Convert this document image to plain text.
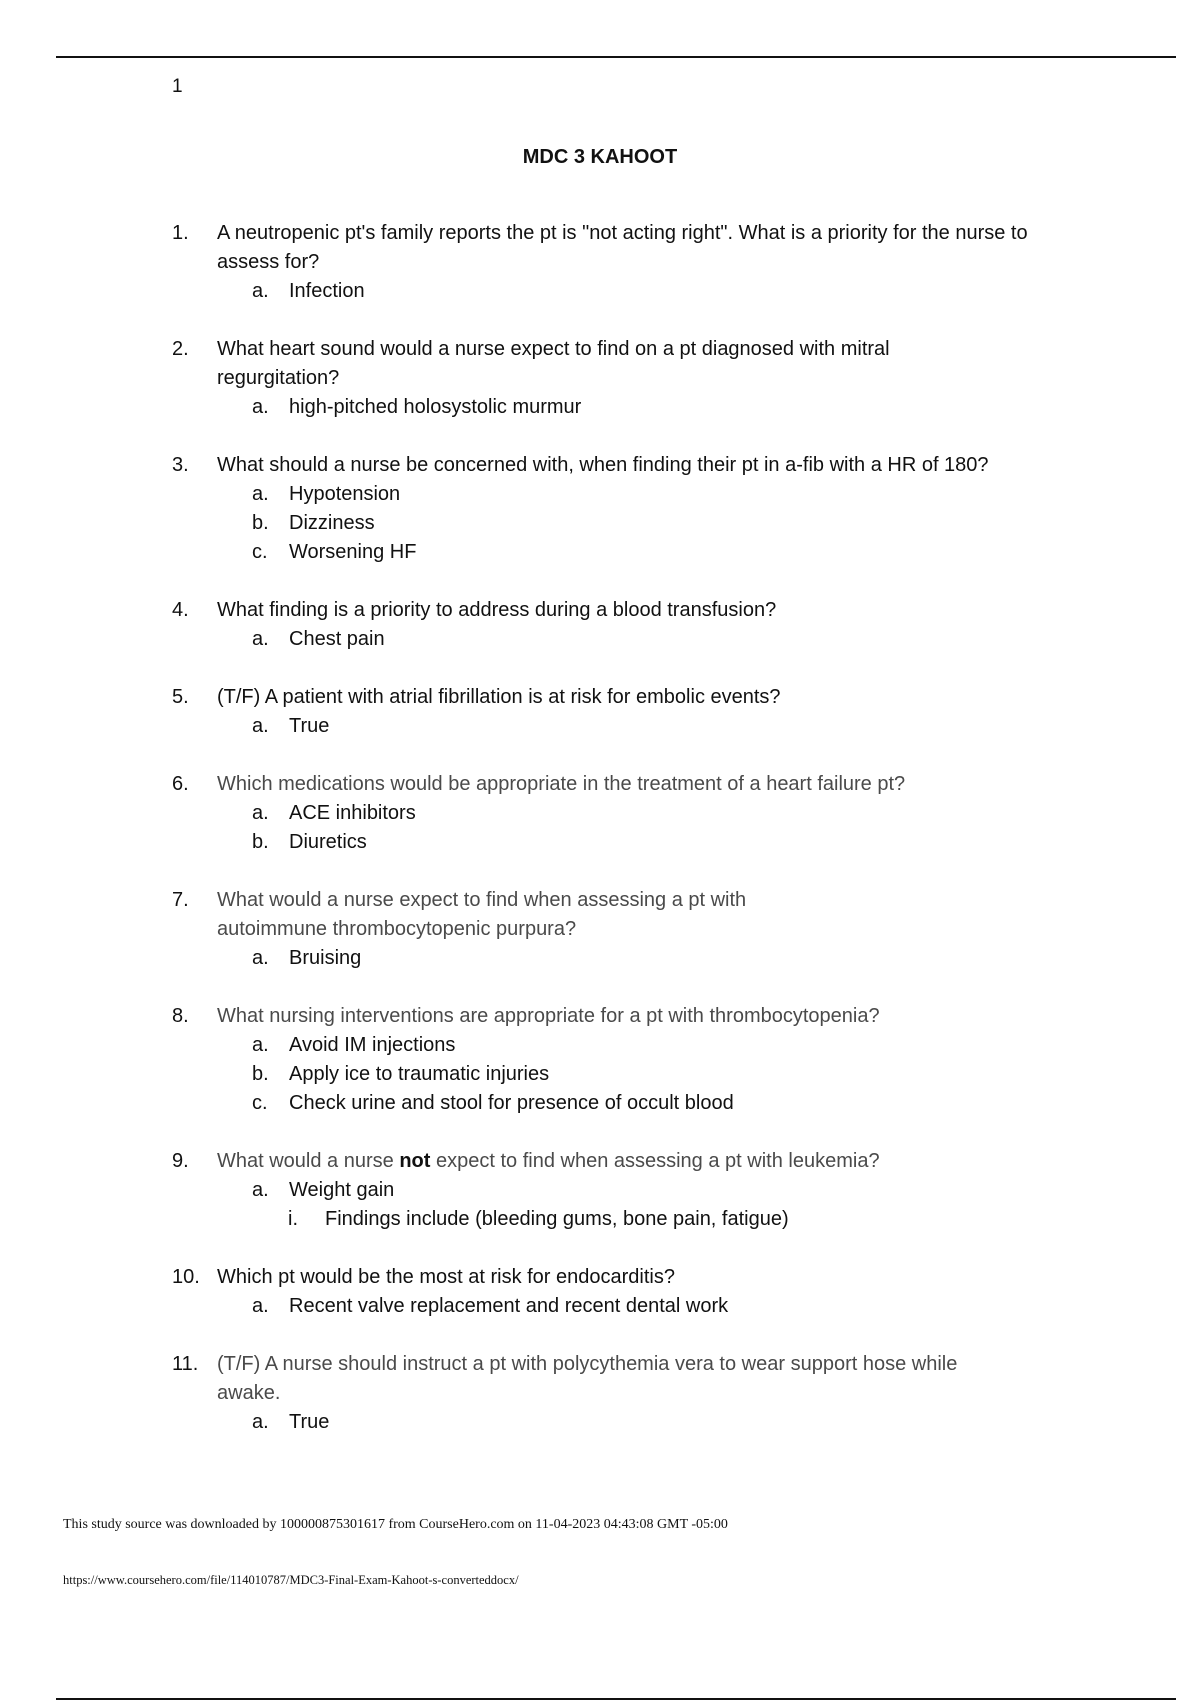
1
MDC 3 KAHOOT
1.	A neutropenic pt's family reports the pt is "not acting right". What is a priority for the nurse to assess for?
a.	Infection
2.	What heart sound would a nurse expect to find on a pt diagnosed with mitral regurgitation?
a.	high-pitched holosystolic murmur
3.	What should a nurse be concerned with, when finding their pt in a-fib with a HR of 180?
a.	Hypotension
b.	Dizziness
c.	Worsening HF
4.	What finding is a priority to address during a blood transfusion?
a.	Chest pain
5.	(T/F) A patient with atrial fibrillation is at risk for embolic events?
a.	True
6.	Which medications would be appropriate in the treatment of a heart failure pt?
a.	ACE inhibitors
b.	Diuretics
7.	What would a nurse expect to find when assessing a pt with autoimmune thrombocytopenic purpura?
a.	Bruising
8.	What nursing interventions are appropriate for a pt with thrombocytopenia?
a.	Avoid IM injections
b.	Apply ice to traumatic injuries
c.	Check urine and stool for presence of occult blood
9.	What would a nurse not expect to find when assessing a pt with leukemia?
a.	Weight gain
i.	Findings include (bleeding gums, bone pain, fatigue)
10. Which pt would be the most at risk for endocarditis?
a.	Recent valve replacement and recent dental work
11. (T/F) A nurse should instruct a pt with polycythemia vera to wear support hose while awake.
a.	True
This study source was downloaded by 100000875301617 from CourseHero.com on 11-04-2023 04:43:08 GMT -05:00
https://www.coursehero.com/file/114010787/MDC3-Final-Exam-Kahoot-s-converteddocx/
